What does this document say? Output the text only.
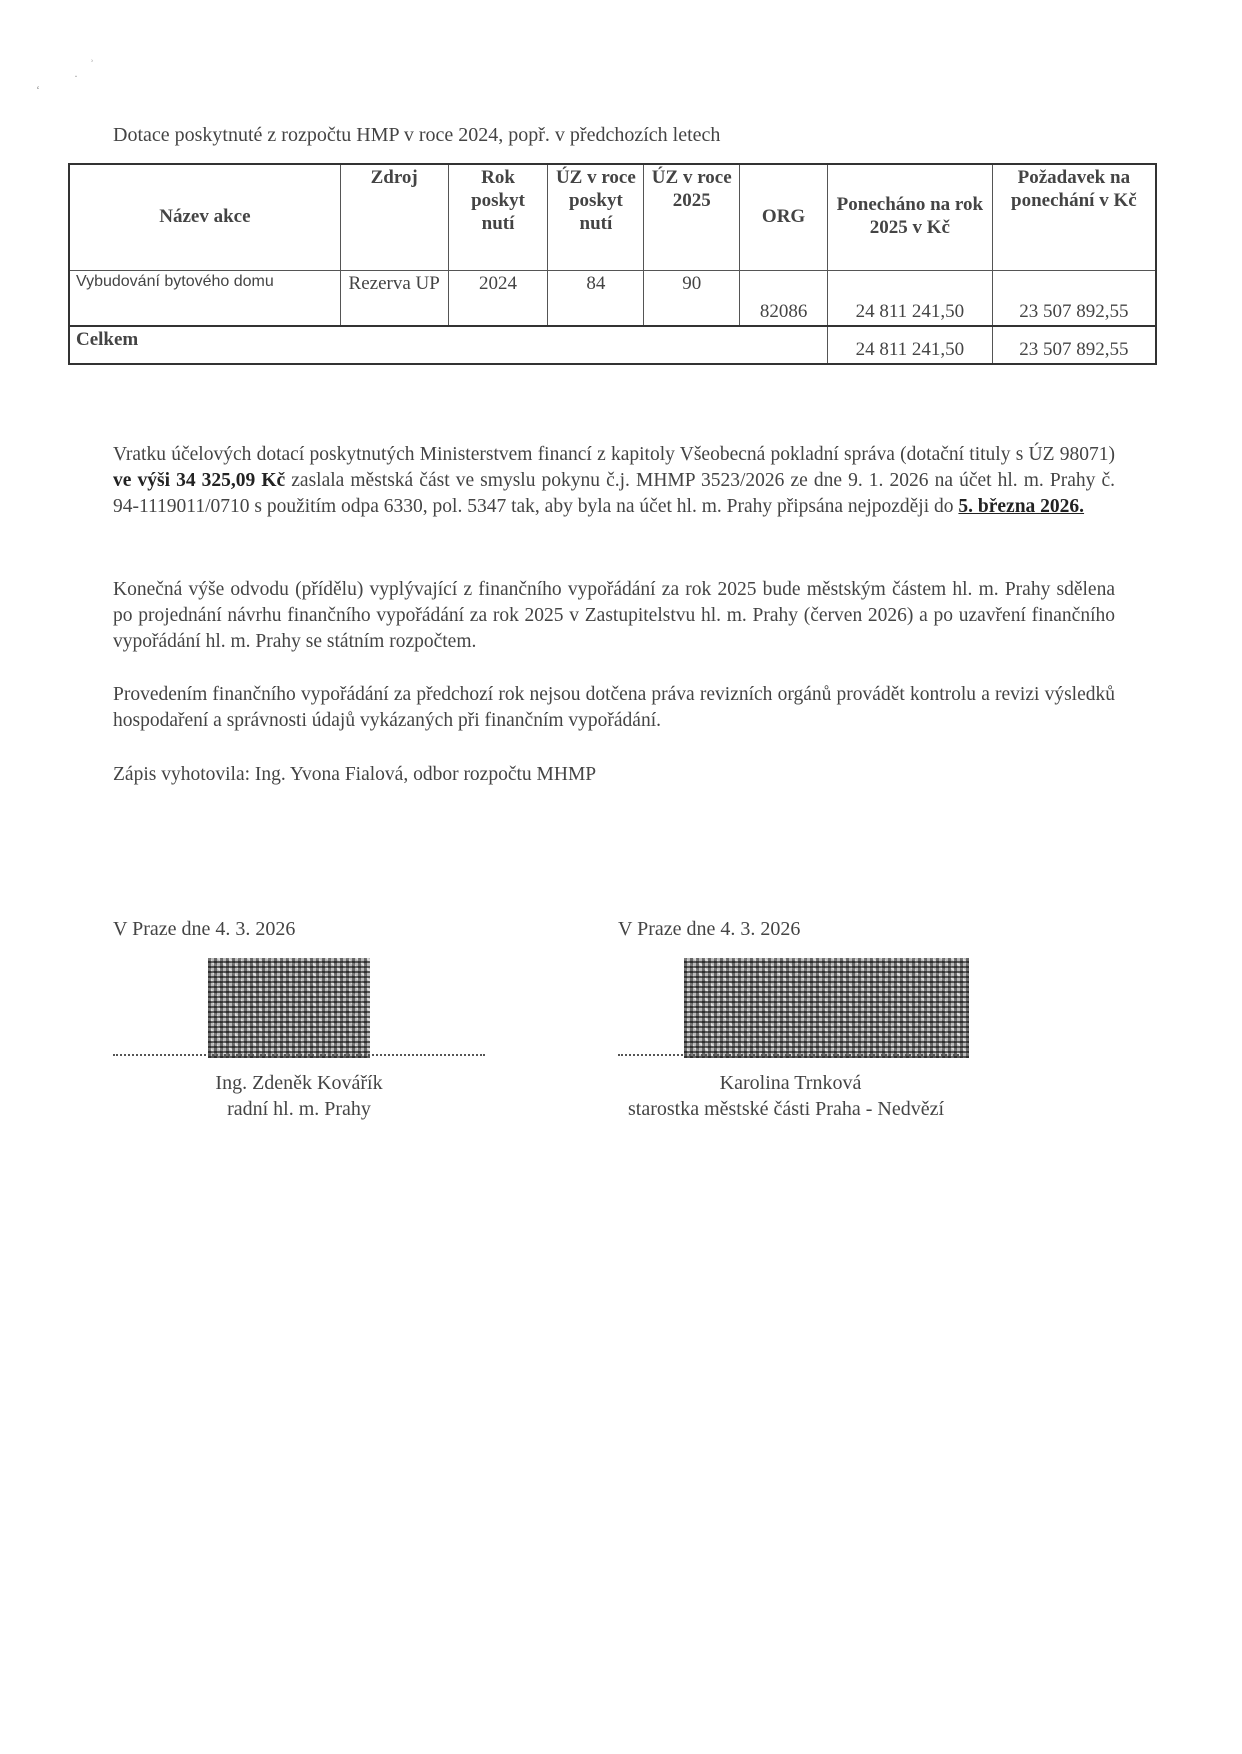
ʾ
·
ʻ
Dotace poskytnuté z rozpočtu HMP v roce 2024, popř. v předchozích letech
Název akce	Zdroj	Rok poskyt nutí	ÚZ v roce poskyt nutí	ÚZ v roce 2025	ORG	Ponecháno na rok 2025 v Kč	Požadavek na ponechání v Kč
Vybudování bytového domu	Rezerva UP	2024	84	90	82086	24 811 241,50	23 507 892,55
Celkem						24 811 241,50	23 507 892,55
Vratku účelových dotací poskytnutých Ministerstvem financí z kapitoly Všeobecná pokladní správa (dotační tituly s ÚZ 98071) ve výši 34 325,09 Kč zaslala městská část ve smyslu pokynu č.j. MHMP 3523/2026 ze dne 9. 1. 2026 na účet hl. m. Prahy č. 94-1119011/0710 s použitím odpa 6330, pol. 5347 tak, aby byla na účet hl. m. Prahy připsána nejpozději do 5. března 2026.
Konečná výše odvodu (přídělu) vyplývající z finančního vypořádání za rok 2025 bude městským částem hl. m. Prahy sdělena po projednání návrhu finančního vypořádání za rok 2025 v Zastupitelstvu hl. m. Prahy (červen 2026) a po uzavření finančního vypořádání hl. m. Prahy se státním rozpočtem.
Provedením finančního vypořádání za předchozí rok nejsou dotčena práva revizních orgánů provádět kontrolu a revizi výsledků hospodaření a správnosti údajů vykázaných při finančním vypořádání.
Zápis vyhotovila: Ing. Yvona Fialová, odbor rozpočtu MHMP
V Praze dne 4. 3. 2026	V Praze dne 4. 3. 2026
Ing. Zdeněk Kovářík
radní hl. m. Prahy
Karolina Trnková
starostka městské části Praha - Nedvězí
